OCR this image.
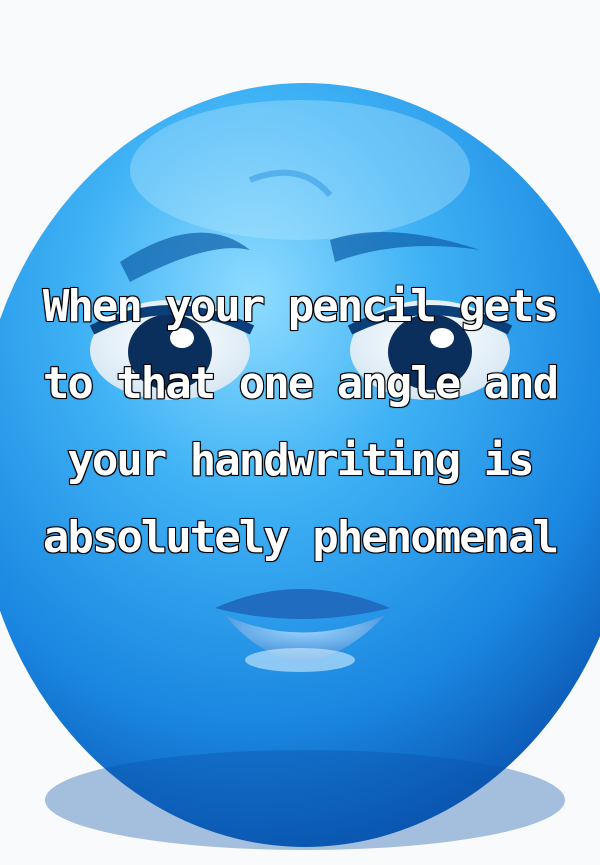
When your pencil gets
to that one angle and
your handwriting is
absolutely phenomenal
